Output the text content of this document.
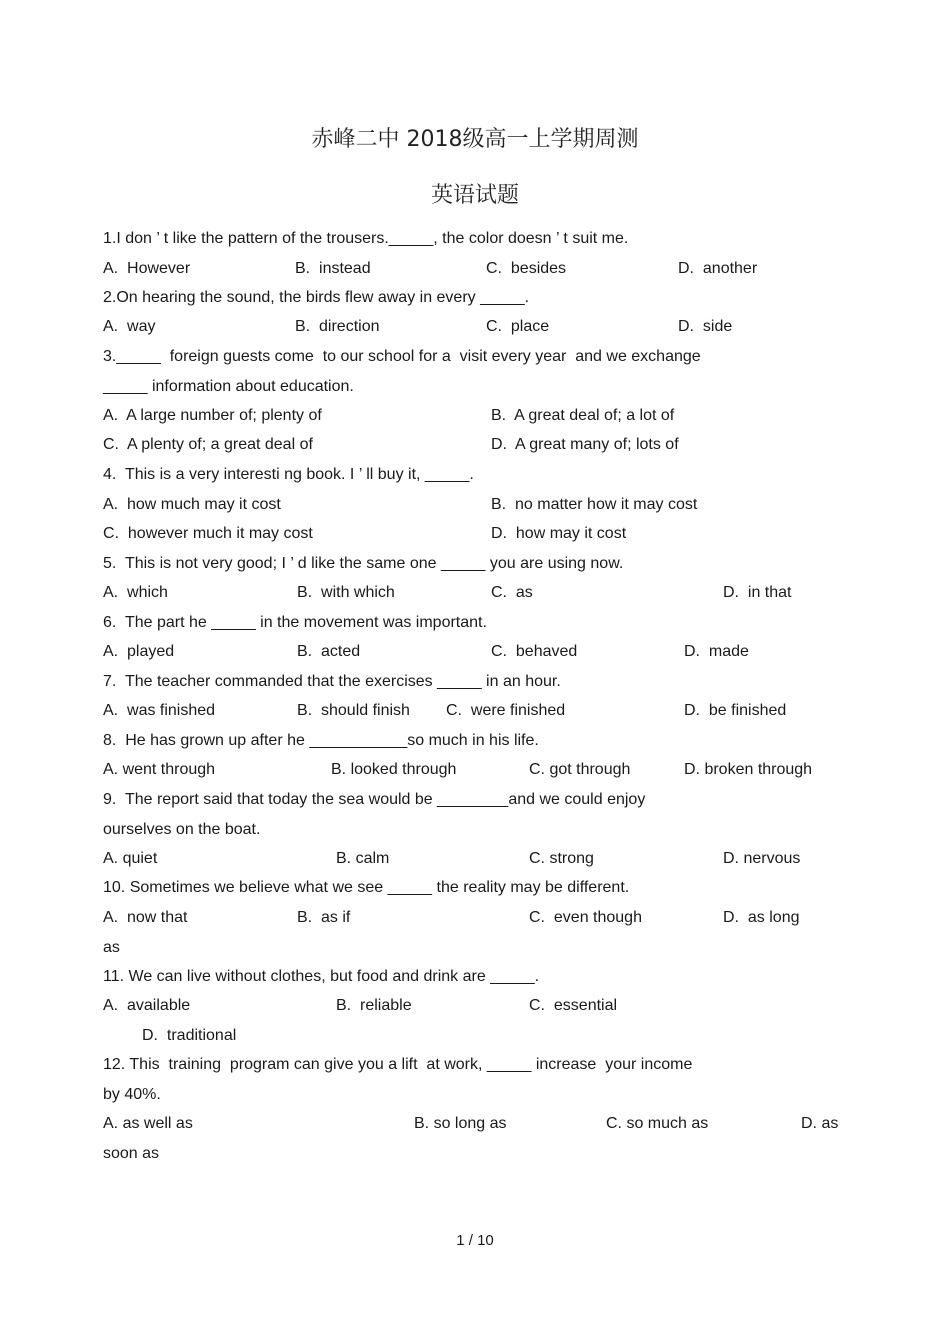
赤峰二中 2018级高一上学期周测
英语试题
1.I don ’ t like the pattern of the trousers._____, the color doesn ’ t suit me.
A.  However	B.  instead	C.  besides	D.  another
2.On hearing the sound, the birds flew away in every _____.
A.  way	B.  direction	C.  place	D.  side
3._____  foreign guests come  to our school for a  visit every year  and we exchange
_____ information about education.
A.  A large number of; plenty of	B.  A great deal of; a lot of
C.  A plenty of; a great deal of	D.  A great many of; lots of
4.  This is a very interesti ng book. I ’ ll buy it, _____.
A.  how much may it cost	B.  no matter how it may cost
C.  however much it may cost	D.  how may it cost
5.  This is not very good; I ’ d like the same one _____ you are using now.
A.  which	B.  with which	C.  as	D.  in that
6.  The part he _____ in the movement was important.
A.  played	B.  acted	C.  behaved	D.  made
7.  The teacher commanded that the exercises _____ in an hour.
A.  was finished	B.  should finish C.  were finished	D.  be finished
8.  He has grown up after he ___________so much in his life.
A. went through	B. looked through	C. got through	D. broken through
9.  The report said that today the sea would be ________and we could enjoy
ourselves on the boat.
A. quiet	B. calm	C. strong	D. nervous
10. Sometimes we believe what we see _____ the reality may be different.
A.  now that	B.  as if	C.  even though	D.  as long
as
11. We can live without clothes, but food and drink are _____.
A.  available	B.  reliable	C.  essential
D.  traditional
12. This  training  program can give you a lift  at work, _____ increase  your income
by 40%.
A. as well as	B. so long as	C. so much as	D. as
soon as
1 / 10
